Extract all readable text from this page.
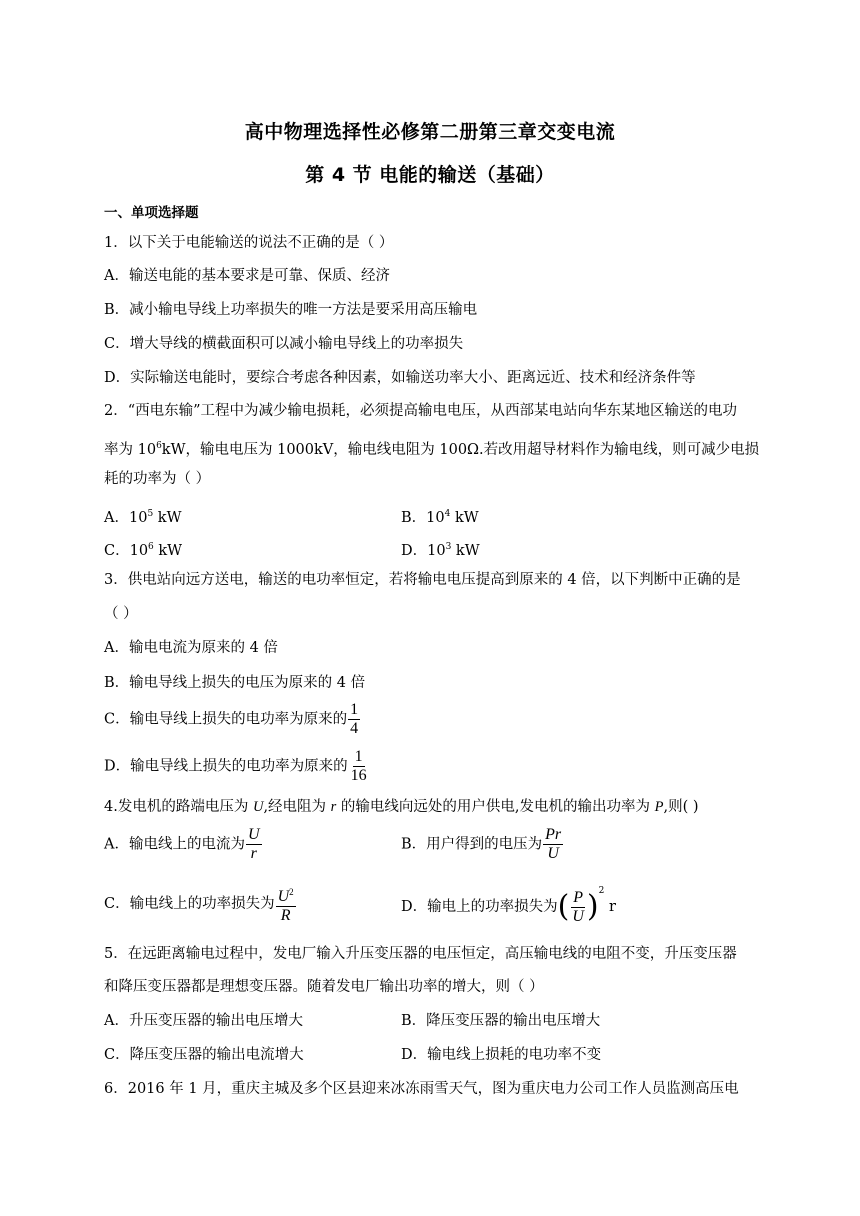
高中物理选择性必修第二册第三章交变电流
第 4 节 电能的输送（基础）
一、单项选择题
1．以下关于电能输送的说法不正确的是（ ）
A．输送电能的基本要求是可靠、保质、经济
B．减小输电导线上功率损失的唯一方法是要采用高压输电
C．增大导线的横截面积可以减小输电导线上的功率损失
D．实际输送电能时，要综合考虑各种因素，如输送功率大小、距离远近、技术和经济条件等
2．“西电东输”工程中为减少输电损耗，必须提高输电电压，从西部某电站向华东某地区输送的电功
率为 $10^6kW$，输电电压为 1000kV，输电线电阻为 100Ω.若改用超导材料作为输电线，则可减少电损
耗的功率为（ ）
A．$10^5$ kW	B．$10^4$ kW
C．$10^6$ kW	D．$10^3$ kW
3．供电站向远方送电，输送的电功率恒定，若将输电电压提高到原来的 4 倍，以下判断中正确的是
（ ）
A．输电电流为原来的 4 倍
B．输电导线上损失的电压为原来的 4 倍
C．输电导线上损失的电功率为原来的 $\frac{1}{4}$
D．输电导线上损失的电功率为原来的 $\frac{1}{16}$
4.发电机的路端电压为 U,经电阻为 r 的输电线向远处的用户供电,发电机的输出功率为 P,则( )
A．输电线上的电流为 $\frac{U}{r}$	B．用户得到的电压为 $\frac{Pr}{U}$
C．输电线上的功率损失为 $\frac{U^2}{R}$	D．输电上的功率损失为( $\frac{P}{U} )^2$ r
5．在远距离输电过程中，发电厂输入升压变压器的电压恒定，高压输电线的电阻不变，升压变压器
和降压变压器都是理想变压器。随着发电厂输出功率的增大，则（ ）
A．升压变压器的输出电压增大	B．降压变压器的输出电压增大
C．降压变压器的输出电流增大	D．输电线上损耗的电功率不变
6．2016 年 1 月，重庆主城及多个区县迎来冰冻雨雪天气，图为重庆电力公司工作人员监测高压电
